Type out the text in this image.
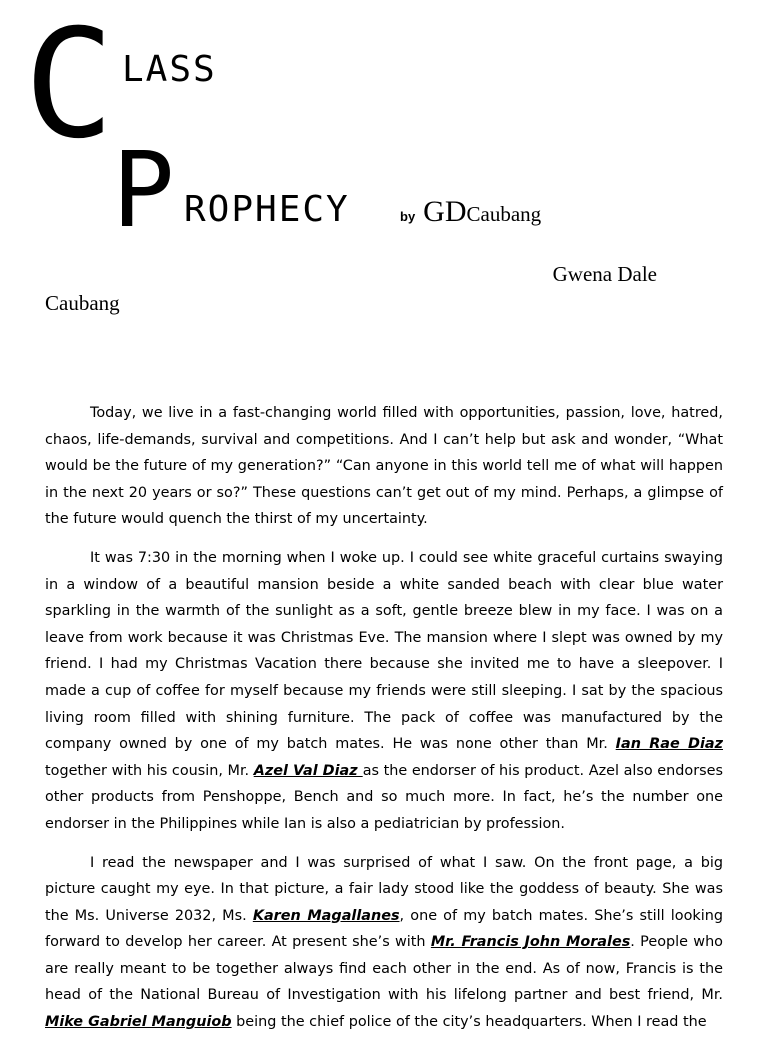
C LASS
P ROPHECY	by GDCaubang
Gwena Dale
Caubang

Today, we live in a fast-changing world filled with opportunities, passion, love, hatred, chaos, life-demands, survival and competitions. And I can’t help but ask and wonder, “What would be the future of my generation?” “Can anyone in this world tell me of what will happen in the next 20 years or so?” These questions can’t get out of my mind. Perhaps, a glimpse of the future would quench the thirst of my uncertainty.

It was 7:30 in the morning when I woke up. I could see white graceful curtains swaying in a window of a beautiful mansion beside a white sanded beach with clear blue water sparkling in the warmth of the sunlight as a soft, gentle breeze blew in my face. I was on a leave from work because it was Christmas Eve. The mansion where I slept was owned by my friend. I had my Christmas Vacation there because she invited me to have a sleepover. I made a cup of coffee for myself because my friends were still sleeping. I sat by the spacious living room filled with shining furniture. The pack of coffee was manufactured by the company owned by one of my batch mates. He was none other than Mr. Ian Rae Diaz together with his cousin, Mr. Azel Val Diaz as the endorser of his product. Azel also endorses other products from Penshoppe, Bench and so much more. In fact, he’s the number one endorser in the Philippines while Ian is also a pediatrician by profession.

I read the newspaper and I was surprised of what I saw. On the front page, a big picture caught my eye. In that picture, a fair lady stood like the goddess of beauty. She was the Ms. Universe 2032, Ms. Karen Magallanes, one of my batch mates. She’s still looking forward to develop her career. At present she’s with Mr. Francis John Morales. People who are really meant to be together always find each other in the end. As of now, Francis is the head of the National Bureau of Investigation with his lifelong partner and best friend, Mr. Mike Gabriel Manguiob being the chief police of the city’s headquarters. When I read the
